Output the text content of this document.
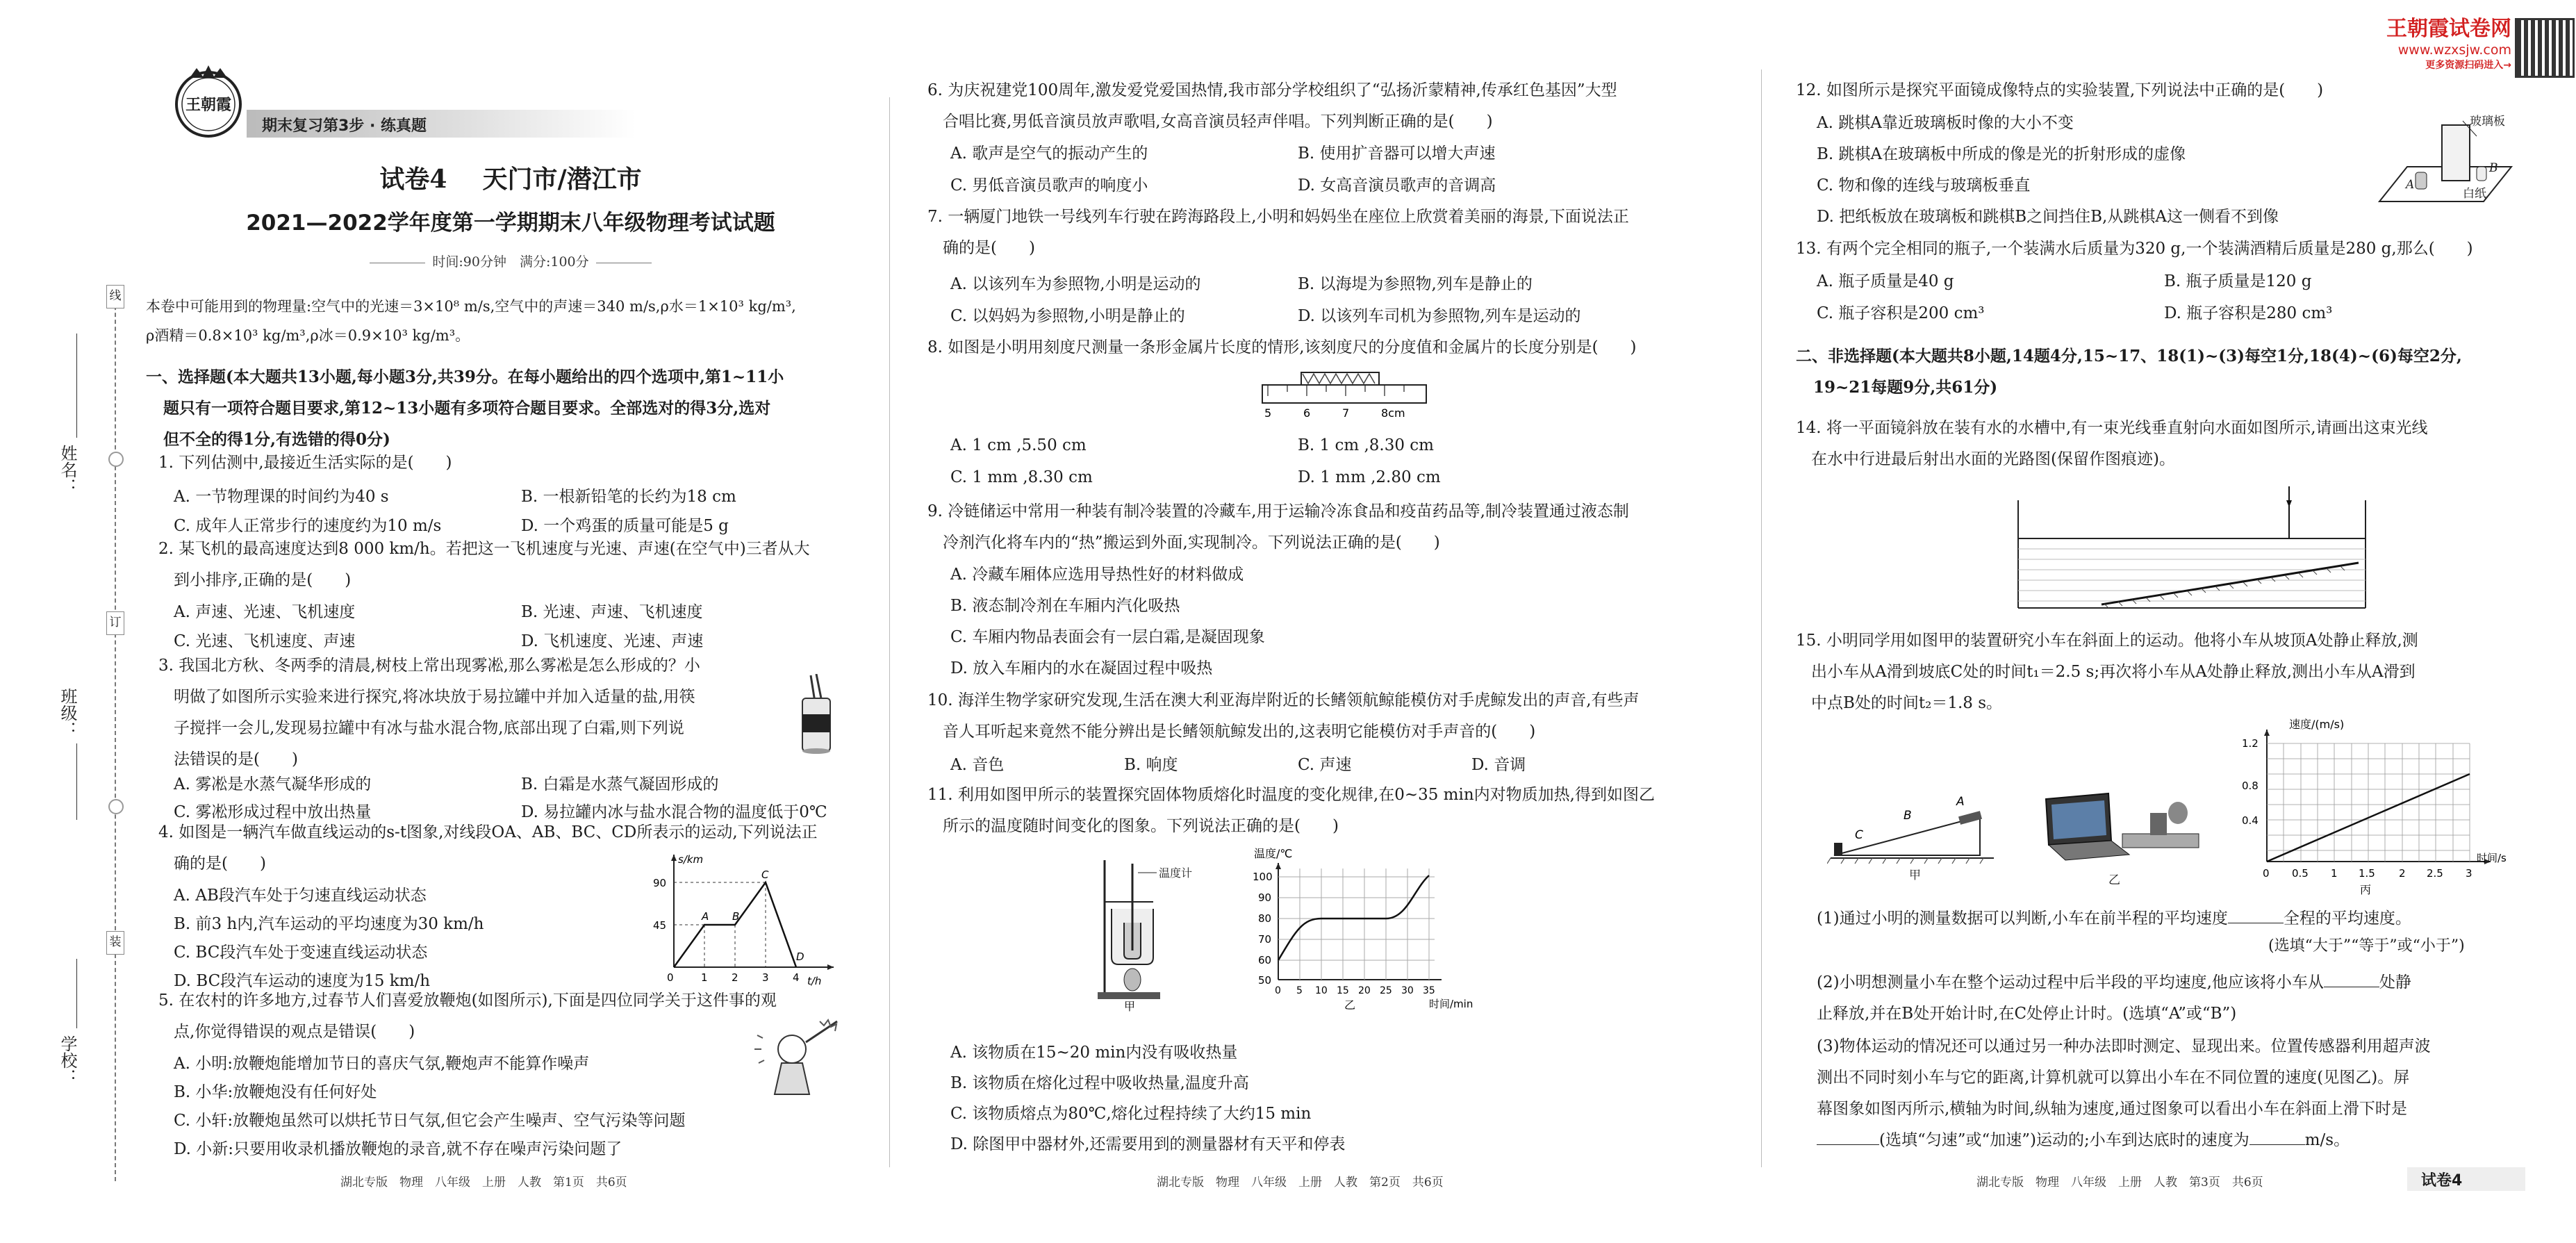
线
订
装
姓名：
班级：
学校：
王朝霞
期末复习第3步 · 练真题
试卷4 天门市/潜江市
2021—2022学年度第一学期期末八年级物理考试试题
时间:90分钟　满分:100分
本卷中可能用到的物理量:空气中的光速＝3×10⁸ m/s,空气中的声速＝340 m/s,ρ水＝1×10³ kg/m³,
ρ酒精＝0.8×10³ kg/m³,ρ冰＝0.9×10³ kg/m³。
一、选择题(本大题共13小题,每小题3分,共39分。在每小题给出的四个选项中,第1~11小
题只有一项符合题目要求,第12~13小题有多项符合题目要求。全部选对的得3分,选对
但不全的得1分,有选错的得0分)

1. 下列估测中,最接近生活实际的是(　　)

A. 一节物理课的时间约为40 s	B. 一根新铅笔的长约为18 cm
C. 成年人正常步行的速度约为10 m/s	D. 一个鸡蛋的质量可能是5 g

2. 某飞机的最高速度达到8 000 km/h。若把这一飞机速度与光速、声速(在空气中)三者从大

到小排序,正确的是(　　)

A. 声速、光速、飞机速度	B. 光速、声速、飞机速度
C. 光速、飞机速度、声速	D. 飞机速度、光速、声速

3. 我国北方秋、冬两季的清晨,树枝上常出现雾凇,那么雾凇是怎么形成的？小

明做了如图所示实验来进行探究,将冰块放于易拉罐中并加入适量的盐,用筷

子搅拌一会儿,发现易拉罐中有冰与盐水混合物,底部出现了白霜,则下列说

法错误的是(　　)

A. 雾凇是水蒸气凝华形成的	B. 白霜是水蒸气凝固形成的
C. 雾凇形成过程中放出热量	D. 易拉罐内冰与盐水混合物的温度低于0℃

4. 如图是一辆汽车做直线运动的s-t图象,对线段OA、AB、BC、CD所表示的运动,下列说法正

确的是(　　)

A. AB段汽车处于匀速直线运动状态
B. 前3 h内,汽车运动的平均速度为30 km/h
C. BC段汽车处于变速直线运动状态
D. BC段汽车运动的速度为15 km/h
s/km
t/h
90
45
0	1 2 3 4
A B
C
D

5. 在农村的许多地方,过春节人们喜爱放鞭炮(如图所示),下面是四位同学关于这件事的观

点,你觉得错误的观点是错误(　　)

A. 小明:放鞭炮能增加节日的喜庆气氛,鞭炮声不能算作噪声
B. 小华:放鞭炮没有任何好处
C. 小轩:放鞭炮虽然可以烘托节日气氛,但它会产生噪声、空气污染等问题
D. 小新:只要用收录机播放鞭炮的录音,就不存在噪声污染问题了
湖北专版　物理　八年级　上册　人教　第1页　共6页

6. 为庆祝建党100周年,激发爱党爱国热情,我市部分学校组织了“弘扬沂蒙精神,传承红色基因”大型

合唱比赛,男低音演员放声歌唱,女高音演员轻声伴唱。下列判断正确的是(　　)

A. 歌声是空气的振动产生的	B. 使用扩音器可以增大声速
C. 男低音演员歌声的响度小	D. 女高音演员歌声的音调高

7. 一辆厦门地铁一号线列车行驶在跨海路段上,小明和妈妈坐在座位上欣赏着美丽的海景,下面说法正

确的是(　　)

A. 以该列车为参照物,小明是运动的	B. 以海堤为参照物,列车是静止的
C. 以妈妈为参照物,小明是静止的	D. 以该列车司机为参照物,列车是运动的

8. 如图是小明用刻度尺测量一条形金属片长度的情形,该刻度尺的分度值和金属片的长度分别是(　　)

5	6	7	8cm
A. 1 cm ,5.50 cm	B. 1 cm ,8.30 cm
C. 1 mm ,8.30 cm	D. 1 mm ,2.80 cm

9. 冷链储运中常用一种装有制冷装置的冷藏车,用于运输冷冻食品和疫苗药品等,制冷装置通过液态制

冷剂汽化将车内的“热”搬运到外面,实现制冷。下列说法正确的是(　　)

A. 冷藏车厢体应选用导热性好的材料做成
B. 液态制冷剂在车厢内汽化吸热
C. 车厢内物品表面会有一层白霜,是凝固现象
D. 放入车厢内的水在凝固过程中吸热

10. 海洋生物学家研究发现,生活在澳大利亚海岸附近的长鳍领航鲸能模仿对手虎鲸发出的声音,有些声

音人耳听起来竟然不能分辨出是长鳍领航鲸发出的,这表明它能模仿对手声音的(　　)

A. 音色	B. 响度	C. 声速	D. 音调

11. 利用如图甲所示的装置探究固体物质熔化时温度的变化规律,在0~35 min内对物质加热,得到如图乙

所示的温度随时间变化的图象。下列说法正确的是(　　)

甲
温度计
温度/℃
100
90
80
70
60
50
0 5 10 15 20 25 30 35
时间/min
乙
A. 该物质在15~20 min内没有吸收热量
B. 该物质在熔化过程中吸收热量,温度升高
C. 该物质熔点为80℃,熔化过程持续了大约15 min
D. 除图甲中器材外,还需要用到的测量器材有天平和停表
湖北专版　物理　八年级　上册　人教　第2页　共6页
王朝霞试卷网
www.wzxsjw.com
更多资源扫码进入→

12. 如图所示是探究平面镜成像特点的实验装置,下列说法中正确的是(　　)

A. 跳棋A靠近玻璃板时像的大小不变
B. 跳棋A在玻璃板中所成的像是光的折射形成的虚像
C. 物和像的连线与玻璃板垂直
D. 把纸板放在玻璃板和跳棋B之间挡住B,从跳棋A这一侧看不到像
玻璃板
A
B
白纸

13. 有两个完全相同的瓶子,一个装满水后质量为320 g,一个装满酒精后质量是280 g,那么(　　)

A. 瓶子质量是40 g	B. 瓶子质量是120 g
C. 瓶子容积是200 cm³	D. 瓶子容积是280 cm³
二、非选择题(本大题共8小题,14题4分,15~17、18(1)~(3)每空1分,18(4)~(6)每空2分,
19~21每题9分,共61分)

14. 将一平面镜斜放在装有水的水槽中,有一束光线垂直射向水面如图所示,请画出这束光线

在水中行进最后射出水面的光路图(保留作图痕迹)。

15. 小明同学用如图甲的装置研究小车在斜面上的运动。他将小车从坡顶A处静止释放,测

出小车从A滑到坡底C处的时间t₁＝2.5 s;再次将小车从A处静止释放,测出小车从A滑到

中点B处的时间t₂＝1.8 s。

C
B
A
甲	乙
速度/(m/s)
1.2
0.8
0.4
0 0.5 1 1.5 2 2.5 3
时间/s
丙

(1)通过小明的测量数据可以判断,小车在前半程的平均速度	全程的平均速度。

(选填“大于”“等于”或“小于”)

(2)小明想测量小车在整个运动过程中后半段的平均速度,他应该将小车从	处静

止释放,并在B处开始计时,在C处停止计时。(选填“A”或“B”)

(3)物体运动的情况还可以通过另一种办法即时测定、显现出来。位置传感器利用超声波

测出不同时刻小车与它的距离,计算机就可以算出小车在不同位置的速度(见图乙)。屏

幕图象如图丙所示,横轴为时间,纵轴为速度,通过图象可以看出小车在斜面上滑下时是

(选填“匀速”或“加速”)运动的;小车到达底时的速度为	m/s。

湖北专版　物理　八年级　上册　人教　第3页　共6页	试卷4
